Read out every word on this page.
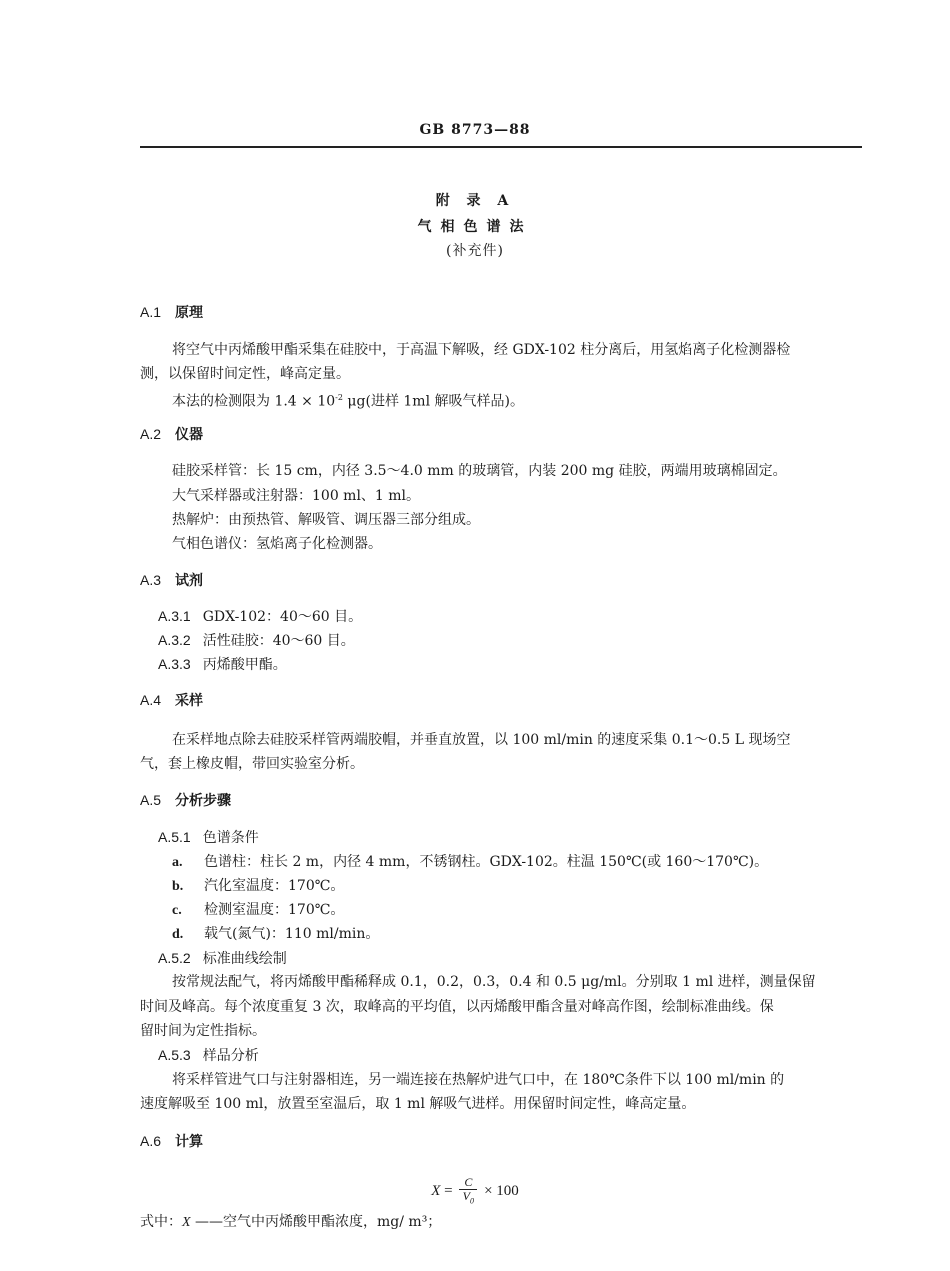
GB 8773—88
附 录 A
气相色谱法
(补充件)
A.1 原理
将空气中丙烯酸甲酯采集在硅胶中，于高温下解吸，经 GDX-102 柱分离后，用氢焰离子化检测器检
测，以保留时间定性，峰高定量。
本法的检测限为 $1.4 \times 10^{-2}$ μg(进样 1ml 解吸气样品)。
A.2 仪器
硅胶采样管：长 15 cm，内径 3.5～4.0 mm 的玻璃管，内装 200 mg 硅胶，两端用玻璃棉固定。
大气采样器或注射器：100 ml、1 ml。
热解炉：由预热管、解吸管、调压器三部分组成。
气相色谱仪：氢焰离子化检测器。
A.3 试剂
A.3.1 GDX-102：40～60 目。
A.3.2 活性硅胶：40～60 目。
A.3.3 丙烯酸甲酯。
A.4 采样
在采样地点除去硅胶采样管两端胶帽，并垂直放置，以 100 ml/min 的速度采集 0.1～0.5 L 现场空
气，套上橡皮帽，带回实验室分析。
A.5 分析步骤
A.5.1 色谱条件
a. 色谱柱：柱长 2 m，内径 4 mm，不锈钢柱。GDX-102。柱温 150℃(或 160～170℃)。
b. 汽化室温度：170℃。
c. 检测室温度：170℃。
d. 载气(氮气)：110 ml/min。
A.5.2 标准曲线绘制
按常规法配气，将丙烯酸甲酯稀释成 0.1，0.2，0.3，0.4 和 0.5 μg/ml。分别取 1 ml 进样，测量保留
时间及峰高。每个浓度重复 3 次，取峰高的平均值，以丙烯酸甲酯含量对峰高作图，绘制标准曲线。保
留时间为定性指标。
A.5.3 样品分析
将采样管进气口与注射器相连，另一端连接在热解炉进气口中，在 180℃条件下以 100 ml/min 的
速度解吸至 100 ml，放置至室温后，取 1 ml 解吸气进样。用保留时间定性，峰高定量。
A.6 计算
$X = \frac{C}{V_0} \times 100$
式中：X ——空气中丙烯酸甲酯浓度，mg/ m³；
